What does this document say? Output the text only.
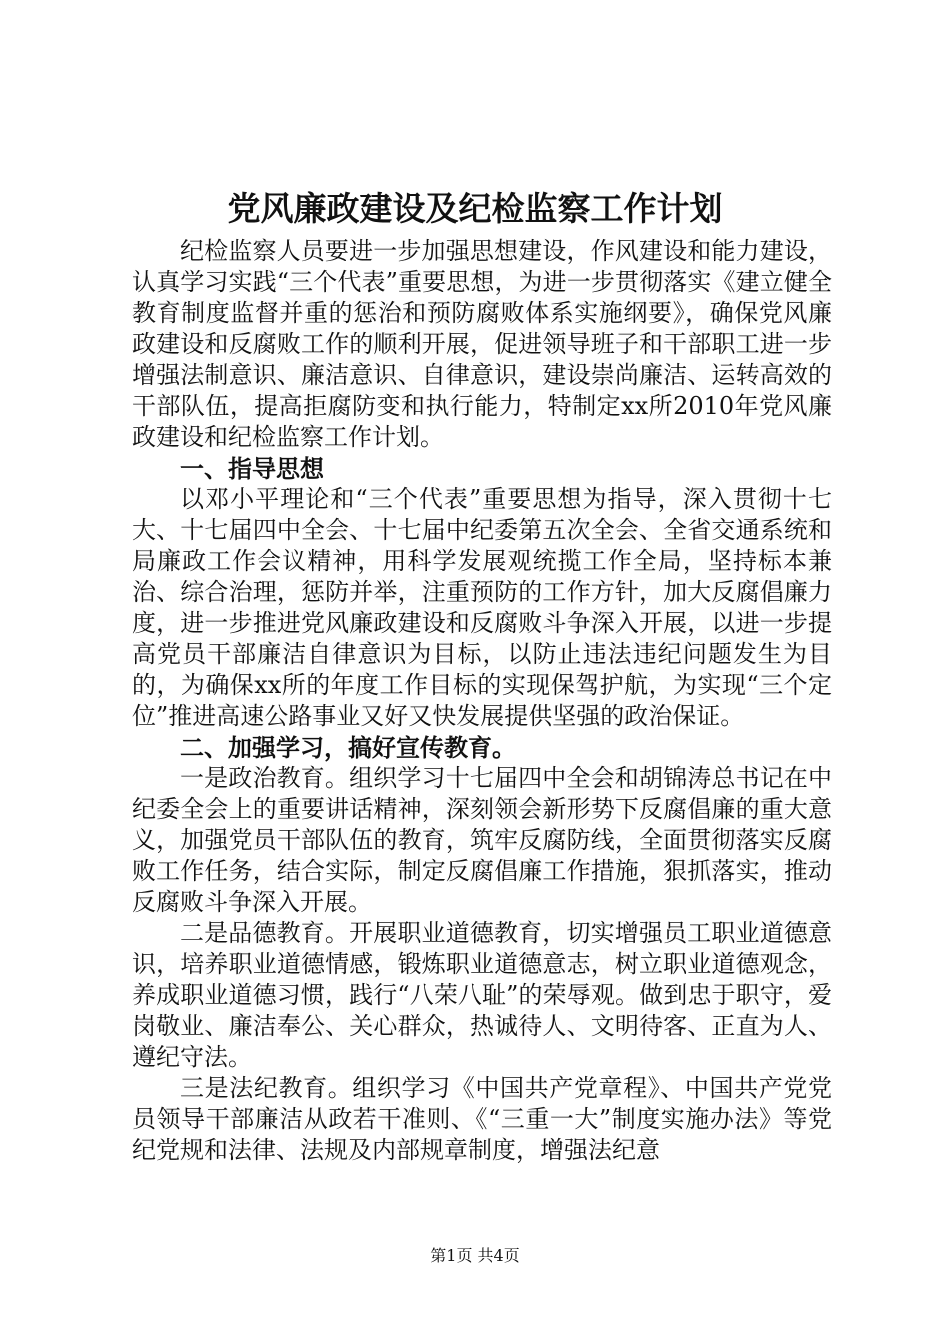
党风廉政建设及纪检监察工作计划

纪检监察人员要进一步加强思想建设，作风建设和能力建设，认真学习实践“三个代表”重要思想，为进一步贯彻落实《建立健全教育制度监督并重的惩治和预防腐败体系实施纲要》，确保党风廉政建设和反腐败工作的顺利开展，促进领导班子和干部职工进一步增强法制意识、廉洁意识、自律意识，建设崇尚廉洁、运转高效的干部队伍，提高拒腐防变和执行能力，特制定xx所2010年党风廉政建设和纪检监察工作计划。

一、指导思想

以邓小平理论和“三个代表”重要思想为指导，深入贯彻十七大、十七届四中全会、十七届中纪委第五次全会、全省交通系统和局廉政工作会议精神，用科学发展观统揽工作全局，坚持标本兼治、综合治理，惩防并举，注重预防的工作方针，加大反腐倡廉力度，进一步推进党风廉政建设和反腐败斗争深入开展，以进一步提高党员干部廉洁自律意识为目标，以防止违法违纪问题发生为目的，为确保xx所的年度工作目标的实现保驾护航，为实现“三个定位”推进高速公路事业又好又快发展提供坚强的政治保证。

二、加强学习，搞好宣传教育。

一是政治教育。组织学习十七届四中全会和胡锦涛总书记在中纪委全会上的重要讲话精神，深刻领会新形势下反腐倡廉的重大意义，加强党员干部队伍的教育，筑牢反腐防线，全面贯彻落实反腐败工作任务，结合实际，制定反腐倡廉工作措施，狠抓落实，推动反腐败斗争深入开展。

二是品德教育。开展职业道德教育，切实增强员工职业道德意识，培养职业道德情感，锻炼职业道德意志，树立职业道德观念，养成职业道德习惯，践行“八荣八耻”的荣辱观。做到忠于职守，爱岗敬业、廉洁奉公、关心群众，热诚待人、文明待客、正直为人、遵纪守法。

三是法纪教育。组织学习《中国共产党章程》、中国共产党党员领导干部廉洁从政若干准则、《“三重一大”制度实施办法》等党纪党规和法律、法规及内部规章制度，增强法纪意

第1页 共4页
